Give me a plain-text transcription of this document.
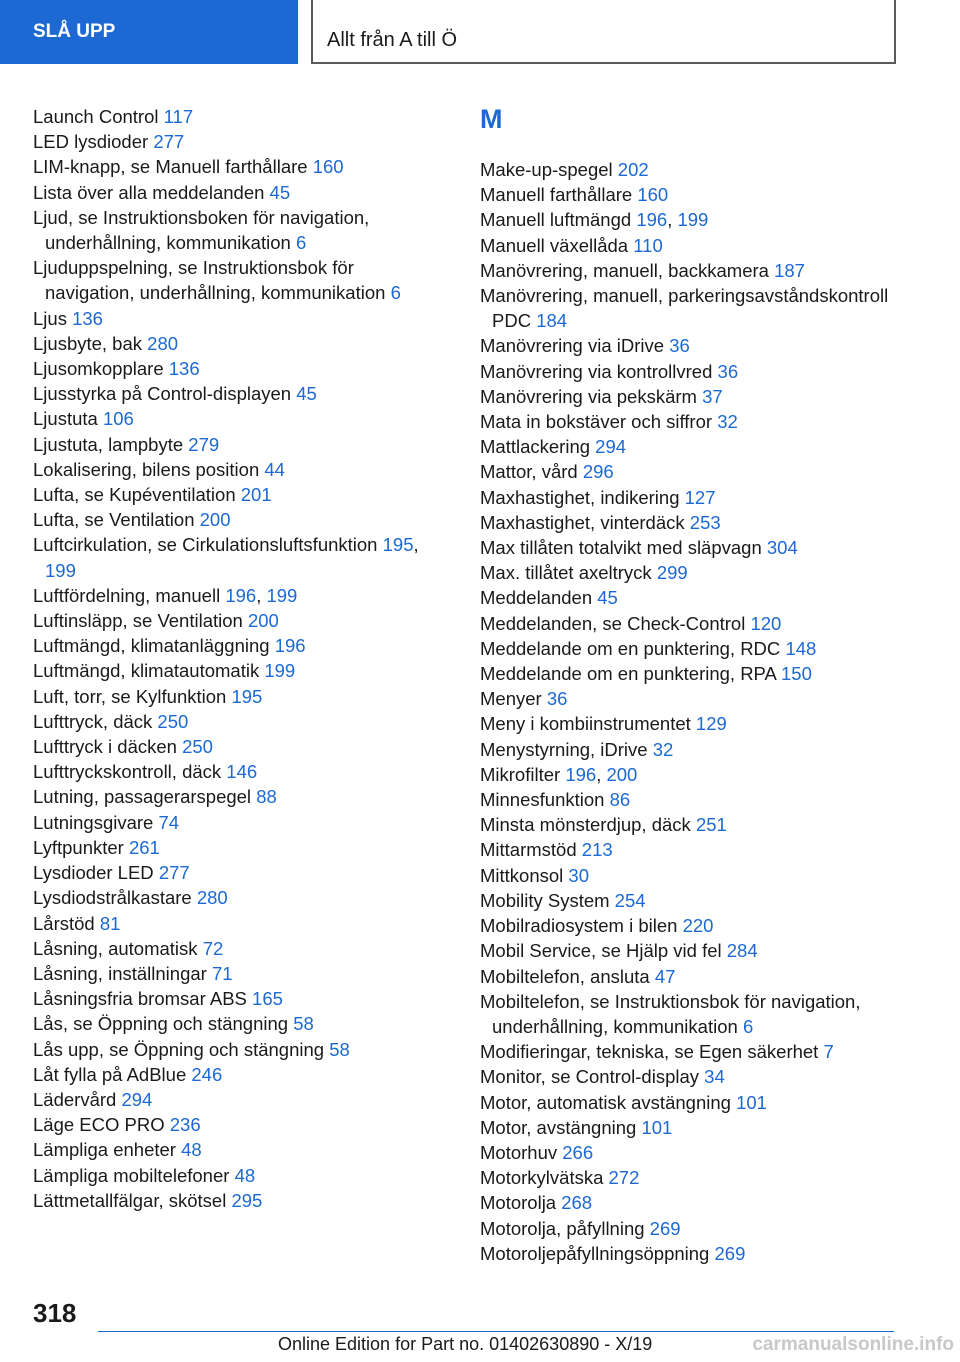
SLÅ UPP	Allt från A till Ö
Launch Control 117
LED lysdioder 277
LIM-knapp, se Manuell farthållare 160
Lista över alla meddelanden 45
Ljud, se Instruktionsboken för navigation, underhållning, kommunikation 6
Ljuduppspelning, se Instruktionsbok för navigation, underhållning, kommunikation 6
Ljus 136
Ljusbyte, bak 280
Ljusomkopplare 136
Ljusstyrka på Control-displayen 45
Ljustuta 106
Ljustuta, lampbyte 279
Lokalisering, bilens position 44
Lufta, se Kupéventilation 201
Lufta, se Ventilation 200
Luftcirkulation, se Cirkulationsluftsfunktion 195, 199
Luftfördelning, manuell 196, 199
Luftinsläpp, se Ventilation 200
Luftmängd, klimatanläggning 196
Luftmängd, klimatautomatik 199
Luft, torr, se Kylfunktion 195
Lufttryck, däck 250
Lufttryck i däcken 250
Lufttryckskontroll, däck 146
Lutning, passagerarspegel 88
Lutningsgivare 74
Lyftpunkter 261
Lysdioder LED 277
Lysdiodstrålkastare 280
Lårstöd 81
Låsning, automatisk 72
Låsning, inställningar 71
Låsningsfria bromsar ABS 165
Lås, se Öppning och stängning 58
Lås upp, se Öppning och stängning 58
Låt fylla på AdBlue 246
Lädervård 294
Läge ECO PRO 236
Lämpliga enheter 48
Lämpliga mobiltelefoner 48
Lättmetallfälgar, skötsel 295
M
Make-up-spegel 202
Manuell farthållare 160
Manuell luftmängd 196, 199
Manuell växellåda 110
Manövrering, manuell, backkamera 187
Manövrering, manuell, parkeringsavståndskontroll PDC 184
Manövrering via iDrive 36
Manövrering via kontrollvred 36
Manövrering via pekskärm 37
Mata in bokstäver och siffror 32
Mattlackering 294
Mattor, vård 296
Maxhastighet, indikering 127
Maxhastighet, vinterdäck 253
Max tillåten totalvikt med släpvagn 304
Max. tillåtet axeltryck 299
Meddelanden 45
Meddelanden, se Check-Control 120
Meddelande om en punktering, RDC 148
Meddelande om en punktering, RPA 150
Menyer 36
Meny i kombiinstrumentet 129
Menystyrning, iDrive 32
Mikrofilter 196, 200
Minnesfunktion 86
Minsta mönsterdjup, däck 251
Mittarmstöd 213
Mittkonsol 30
Mobility System 254
Mobilradiosystem i bilen 220
Mobil Service, se Hjälp vid fel 284
Mobiltelefon, ansluta 47
Mobiltelefon, se Instruktionsbok för navigation, underhållning, kommunikation 6
Modifieringar, tekniska, se Egen säkerhet 7
Monitor, se Control-display 34
Motor, automatisk avstängning 101
Motor, avstängning 101
Motorhuv 266
Motorkylvätska 272
Motorolja 268
Motorolja, påfyllning 269
Motoroljepåfyllningsöppning 269
318
Online Edition for Part no. 01402630890 - X/19	carmanualsonline.info
